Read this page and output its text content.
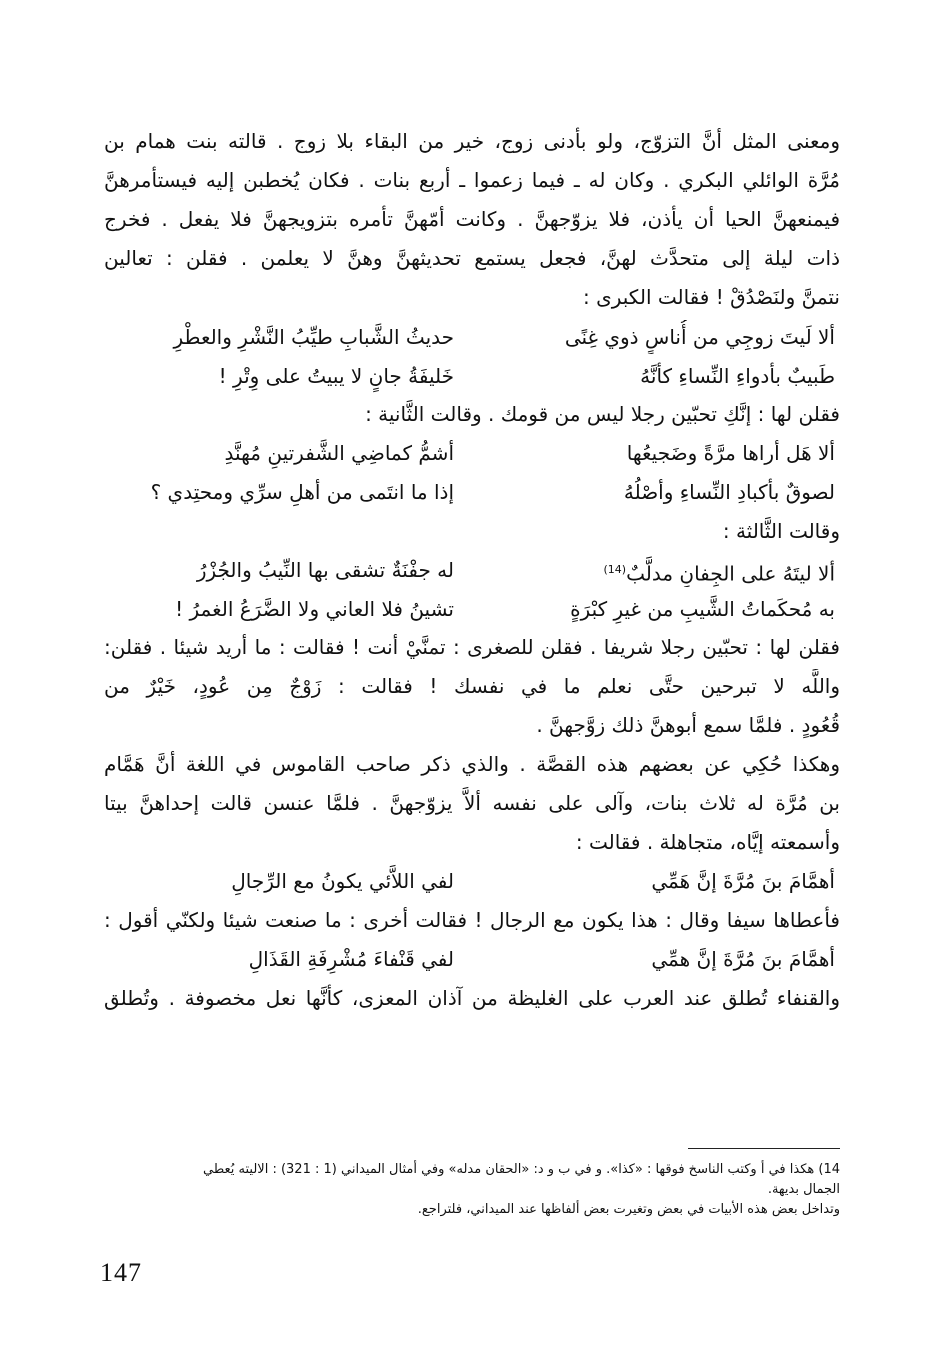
ومعنى المثل أنَّ التزوّج، ولو بأدنى زوج، خير من البقاء بلا زوج . قالته بنت همام بن
مُرَّة الوائلي البكري . وكان له ـ فيما زعموا ـ أربع بنات . فكان يُخطبن إليه فيستأمرهنَّ
فيمنعهنَّ الحيا أن يأذن، فلا يزوّجهنَّ . وكانت أمّهنَّ تأمره بتزويجهنَّ فلا يفعل . فخرج
ذات ليلة إلى متحدَّث لهنَّ، فجعل يستمع تحديثهنَّ وهنَّ لا يعلمن . فقلن : تعالين
نتمنَّ ولنَصْدُقْ ! فقالت الكبرى :
ألا لَيتَ زوجِي من أُناسٍ ذوي غِنًى
حديثُ الشَّبابِ طيِّبُ النَّشْرِ والعطْرِ
طَبيبٌ بأدواءِ النِّساءِ كأنَّهُ
خَليفَةُ جانٍ لا يبيتُ على وِتْرِ !
فقلن لها : إنَّكِ تحبّين رجلا ليس من قومك . وقالت الثَّانية :
ألا هَل أراها مرَّةً وضَجيعُها
أشمُّ كماضِي الشَّفرتينِ مُهنَّدِ
لصوقٌ بأكبادِ النِّساءِ وأصْلُهُ
إذا ما انتَمى من أهلِ سرِّي ومحتِدي ؟
وقالت الثَّالثة :
ألا ليتَهُ على الجِفانِ مدلَّبٌ$^{(14)}$
له جفْنَةٌ تشقى بها النِّيبُ والجُزْرُ
به مُحكَماتُ الشَّيبِ من غيرِ كبْرَةٍ
تشينُ فلا العاني ولا الضَّرَعُ الغمرُ !
فقلن لها : تحبّين رجلا شريفا . فقلن للصغرى : تمنَّيْ أنت ! فقالت : ما أريد شيئا . فقلن:
واللَّه لا تبرحين حتَّى نعلم ما في نفسك ! فقالت : زَوْجٌ مِن عُودٍ، خَيْرٌ من
قُعُودٍ . فلمَّا سمع أبوهنَّ ذلك زوَّجهنَّ .
وهكذا حُكِي عن بعضهم هذه القصَّة . والذي ذكر صاحب القاموس في اللغة أنَّ هَمَّام
بن مُرَّة له ثلاث بنات، وآلى على نفسه ألاَّ يزوّجهنَّ . فلمَّا عنسن قالت إحداهنَّ بيتا
وأسمعته إيَّاه، متجاهلة . فقالت :
أهمَّامَ بنَ مُرَّةَ إنَّ هَمِّي
لفي اللاَّئي يكونُ مع الرِّجالِ
فأعطاها سيفا وقال : هذا يكون مع الرجال ! فقالت أخرى : ما صنعت شيئا ولكنّي أقول :
أهمَّامَ بنَ مُرَّةَ إنَّ همِّي
لفي قَنْفاءَ مُشْرِفَةِ القَذَالِ
والقنفاء تُطلق عند العرب على الغليظة من آذان المعزى، كأنَّها نعل مخصوفة . وتُطلق
14) هكذا في أ وكتب الناسخ فوقها : «كذا». و في ب و د: «الحقان مدله» وفي أمثال الميداني (1 : 321) : الاليته يُعطي
الجمال بديهة.
وتداخل بعض هذه الأبيات في بعض وتغيرت بعض ألفاظها عند الميداني، فلتراجع.
147
